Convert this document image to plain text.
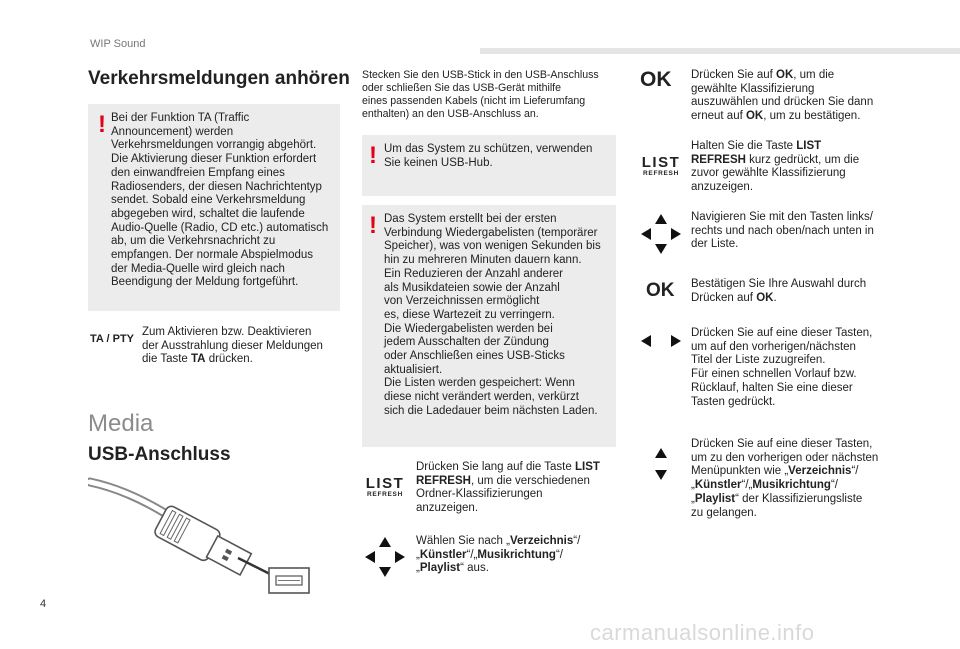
WIP Sound
4
carmanualsonline.info
Verkehrsmeldungen anhören
! Bei der Funktion TA (Traffic
Announcement) werden
Verkehrsmeldungen vorrangig abgehört.
Die Aktivierung dieser Funktion erfordert
den einwandfreien Empfang eines
Radiosenders, der diesen Nachrichtentyp
sendet. Sobald eine Verkehrsmeldung
abgegeben wird, schaltet die laufende
Audio-Quelle (Radio, CD etc.) automatisch
ab, um die Verkehrsnachricht zu
empfangen. Der normale Abspielmodus
der Media-Quelle wird gleich nach
Beendigung der Meldung fortgeführt.
TA / PTY
Zum Aktivieren bzw. Deaktivieren
der Ausstrahlung dieser Meldungen
die Taste TA drücken.
Media
USB-Anschluss
Stecken Sie den USB-Stick in den USB-Anschluss
oder schließen Sie das USB-Gerät mithilfe
eines passenden Kabels (nicht im Lieferumfang
enthalten) an den USB-Anschluss an.
! Um das System zu schützen, verwenden
Sie keinen USB-Hub.
! Das System erstellt bei der ersten
Verbindung Wiedergabelisten (temporärer
Speicher), was von wenigen Sekunden bis
hin zu mehreren Minuten dauern kann.
Ein Reduzieren der Anzahl anderer
als Musikdateien sowie der Anzahl
von Verzeichnissen ermöglicht
es, diese Wartezeit zu verringern.
Die Wiedergabelisten werden bei
jedem Ausschalten der Zündung
oder Anschließen eines USB-Sticks
aktualisiert.
Die Listen werden gespeichert: Wenn
diese nicht verändert werden, verkürzt
sich die Ladedauer beim nächsten Laden.
LIST
REFRESH
Drücken Sie lang auf die Taste LIST
REFRESH, um die verschiedenen
Ordner-Klassifizierungen
anzuzeigen.
Wählen Sie nach „Verzeichnis“/
„Künstler“/„Musikrichtung“/
„Playlist“ aus.
OK Drücken Sie auf OK, um die
gewählte Klassifizierung
auszuwählen und drücken Sie dann
erneut auf OK, um zu bestätigen.
LIST
REFRESH
Halten Sie die Taste LIST
REFRESH kurz gedrückt, um die
zuvor gewählte Klassifizierung
anzuzeigen.
Navigieren Sie mit den Tasten links/
rechts und nach oben/nach unten in
der Liste.
OK Bestätigen Sie Ihre Auswahl durch
Drücken auf OK.
Drücken Sie auf eine dieser Tasten,
um auf den vorherigen/nächsten
Titel der Liste zuzugreifen.
Für einen schnellen Vorlauf bzw.
Rücklauf, halten Sie eine dieser
Tasten gedrückt.
Drücken Sie auf eine dieser Tasten,
um zu den vorherigen oder nächsten
Menüpunkten wie „Verzeichnis“/
„Künstler“/„Musikrichtung“/
„Playlist“ der Klassifizierungsliste
zu gelangen.
